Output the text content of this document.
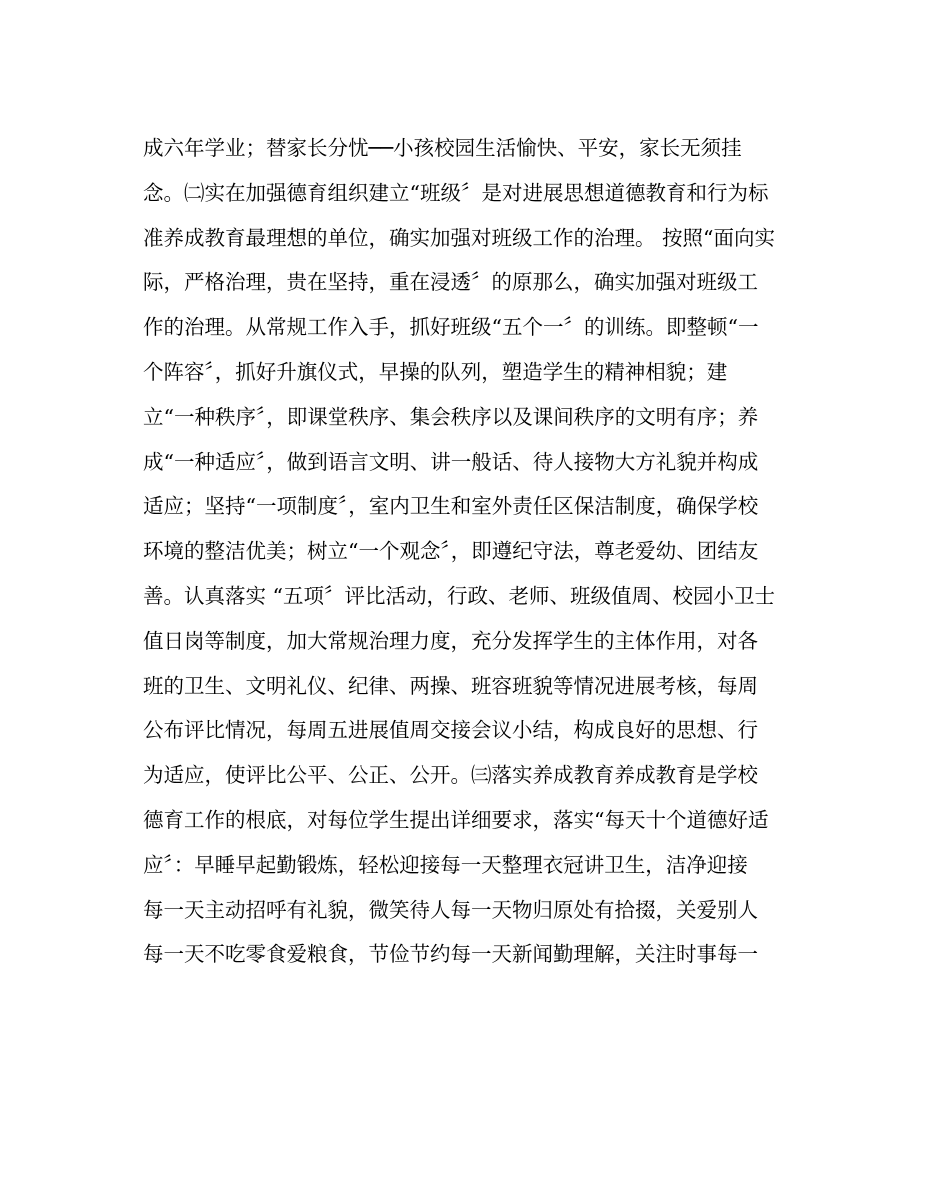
成六年学业；替家长分忧──小孩校园生活愉快、平安，家长无须挂
念。㈡实在加强德育组织建立“班级〞是对进展思想道德教育和行为标
准养成教育最理想的单位，确实加强对班级工作的治理。 按照“面向实
际，严格治理，贵在坚持，重在浸透〞的原那么，确实加强对班级工
作的治理。从常规工作入手，抓好班级“五个一〞的训练。即整顿“一
个阵容〞，抓好升旗仪式，早操的队列，塑造学生的精神相貌；建
立“一种秩序〞，即课堂秩序、集会秩序以及课间秩序的文明有序；养
成“一种适应〞，做到语言文明、讲一般话、待人接物大方礼貌并构成
适应；坚持“一项制度〞，室内卫生和室外责任区保洁制度，确保学校
环境的整洁优美；树立“一个观念〞，即遵纪守法，尊老爱幼、团结友
善。认真落实 “五项〞评比活动，行政、老师、班级值周、校园小卫士
值日岗等制度，加大常规治理力度，充分发挥学生的主体作用，对各
班的卫生、文明礼仪、纪律、两操、班容班貌等情况进展考核，每周
公布评比情况，每周五进展值周交接会议小结，构成良好的思想、行
为适应，使评比公平、公正、公开。㈢落实养成教育养成教育是学校
德育工作的根底，对每位学生提出详细要求，落实“每天十个道德好适
应〞：早睡早起勤锻炼，轻松迎接每一天整理衣冠讲卫生，洁净迎接
每一天主动招呼有礼貌，微笑待人每一天物归原处有拾掇，关爱别人
每一天不吃零食爱粮食，节俭节约每一天新闻勤理解，关注时事每一
